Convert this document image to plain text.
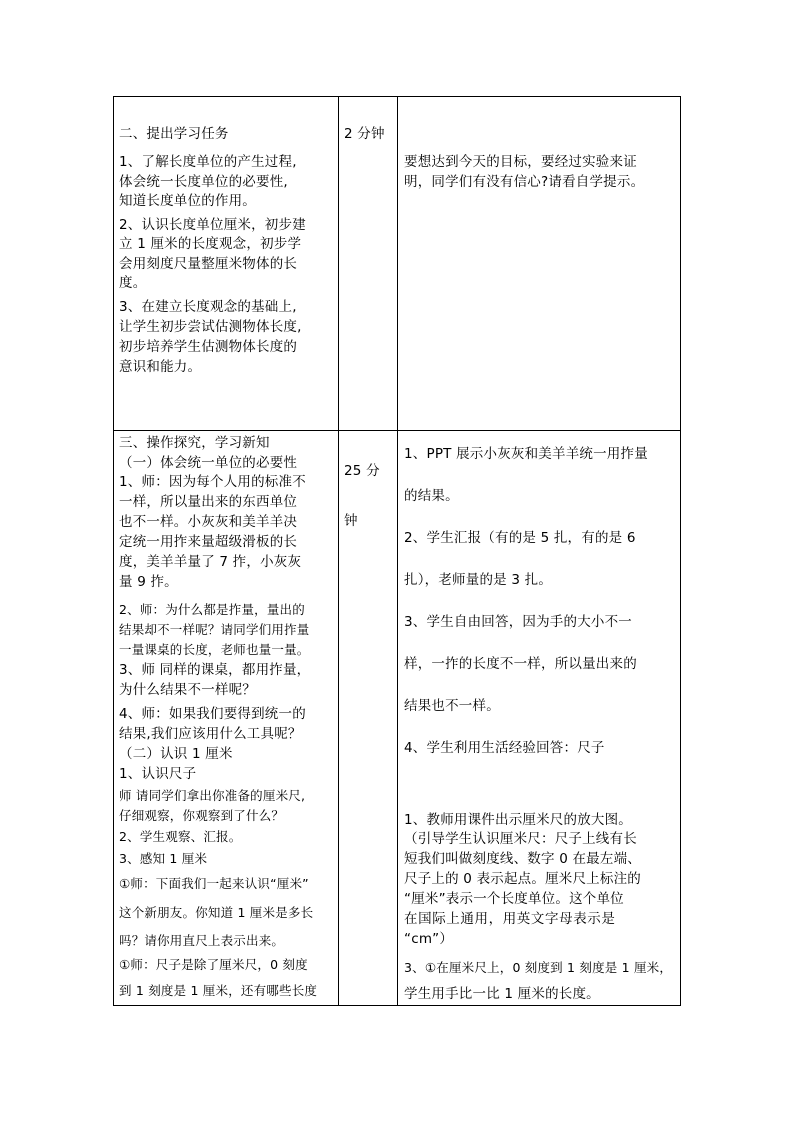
二、提出学习任务
1、了解长度单位的产生过程,
体会统一长度单位的必要性,
知道长度单位的作用。
2、认识长度单位厘米，初步建
立 1 厘米的长度观念，初步学
会用刻度尺量整厘米物体的长
度。
3、在建立长度观念的基础上,
让学生初步尝试估测物体长度,
初步培养学生估测物体长度的
意识和能力。
2 分钟
要想达到今天的目标，要经过实验来证
明，同学们有没有信心?请看自学提示。
三、操作探究，学习新知
（一）体会统一单位的必要性
1、师：因为每个人用的标准不
一样，所以量出来的东西单位
也不一样。小灰灰和美羊羊决
定统一用拃来量超级滑板的长
度，美羊羊量了 7 拃，小灰灰
量 9 拃。
2、师：为什么都是拃量，量出的
结果却不一样呢？请同学们用拃量
一量课桌的长度，老师也量一量。
3、师 同样的课桌，都用拃量，
为什么结果不一样呢？
4、师：如果我们要得到统一的
结果,我们应该用什么工具呢？
（二）认识 1 厘米
1、认识尺子
师 请同学们拿出你准备的厘米尺,
仔细观察，你观察到了什么？
2、学生观察、汇报。
3、感知 1 厘米
①师：下面我们一起来认识“厘米”
这个新朋友。你知道 1 厘米是多长
吗？请你用直尺上表示出来。
①师：尺子是除了厘米尺，0 刻度
到 1 刻度是 1 厘米，还有哪些长度
25 分
钟
1、PPT 展示小灰灰和美羊羊统一用拃量
的结果。
2、学生汇报（有的是 5 扎，有的是 6
扎），老师量的是 3 扎。
3、学生自由回答，因为手的大小不一
样，一拃的长度不一样，所以量出来的
结果也不一样。
4、学生利用生活经验回答：尺子
1、教师用课件出示厘米尺的放大图。
（引导学生认识厘米尺：尺子上线有长
短我们叫做刻度线、数字 0 在最左端、
尺子上的 0 表示起点。厘米尺上标注的
“厘米”表示一个长度单位。这个单位
在国际上通用，用英文字母表示是
“cm”）
3、①在厘米尺上，0 刻度到 1 刻度是 1 厘米，
学生用手比一比 1 厘米的长度。
